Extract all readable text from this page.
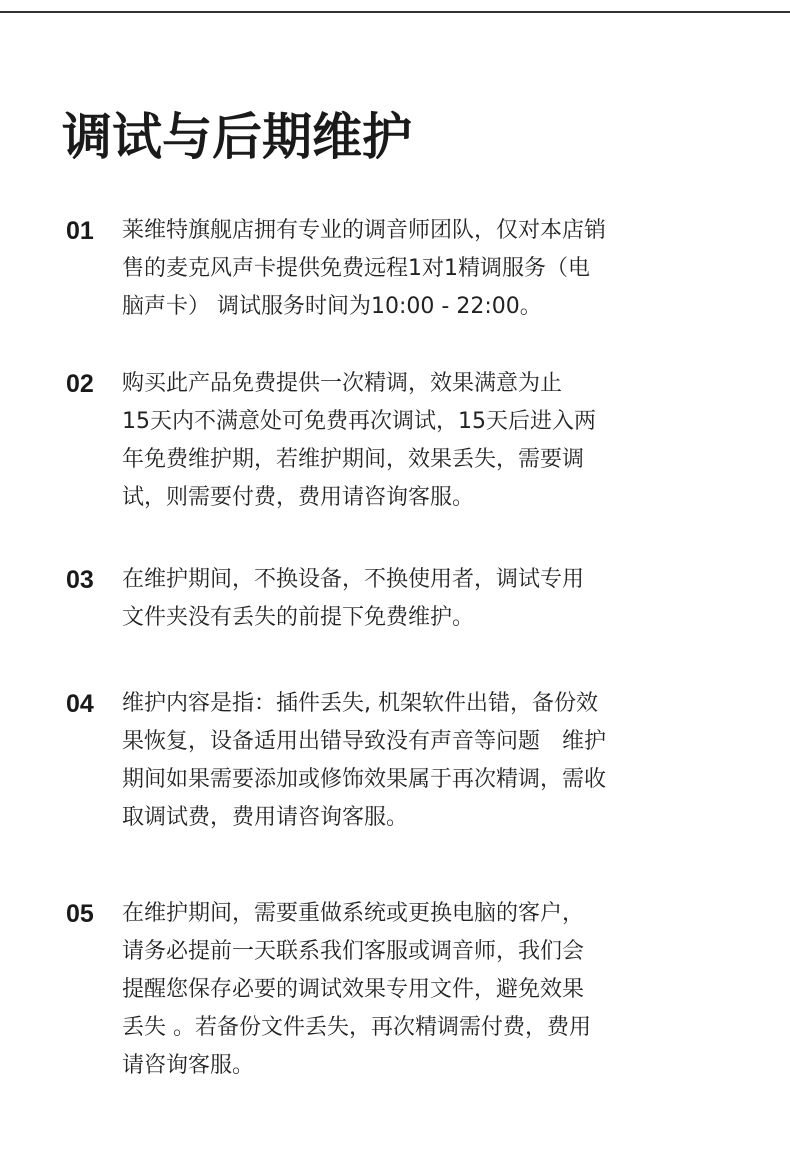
调试与后期维护
01 莱维特旗舰店拥有专业的调音师团队，仅对本店销
售的麦克风声卡提供免费远程1对1精调服务（电
脑声卡） 调试服务时间为10:00 - 22:00。

02 购买此产品免费提供一次精调，效果满意为止
15天内不满意处可免费再次调试，15天后进入两
年免费维护期，若维护期间，效果丢失，需要调
试，则需要付费，费用请咨询客服。

03 在维护期间，不换设备，不换使用者，调试专用
文件夹没有丢失的前提下免费维护。

04 维护内容是指：插件丢失, 机架软件出错，备份效
果恢复，设备适用出错导致没有声音等问题　维护
期间如果需要添加或修饰效果属于再次精调，需收
取调试费，费用请咨询客服。

05 在维护期间，需要重做系统或更换电脑的客户，
请务必提前一天联系我们客服或调音师，我们会
提醒您保存必要的调试效果专用文件，避免效果
丢失 。若备份文件丢失，再次精调需付费，费用
请咨询客服。
